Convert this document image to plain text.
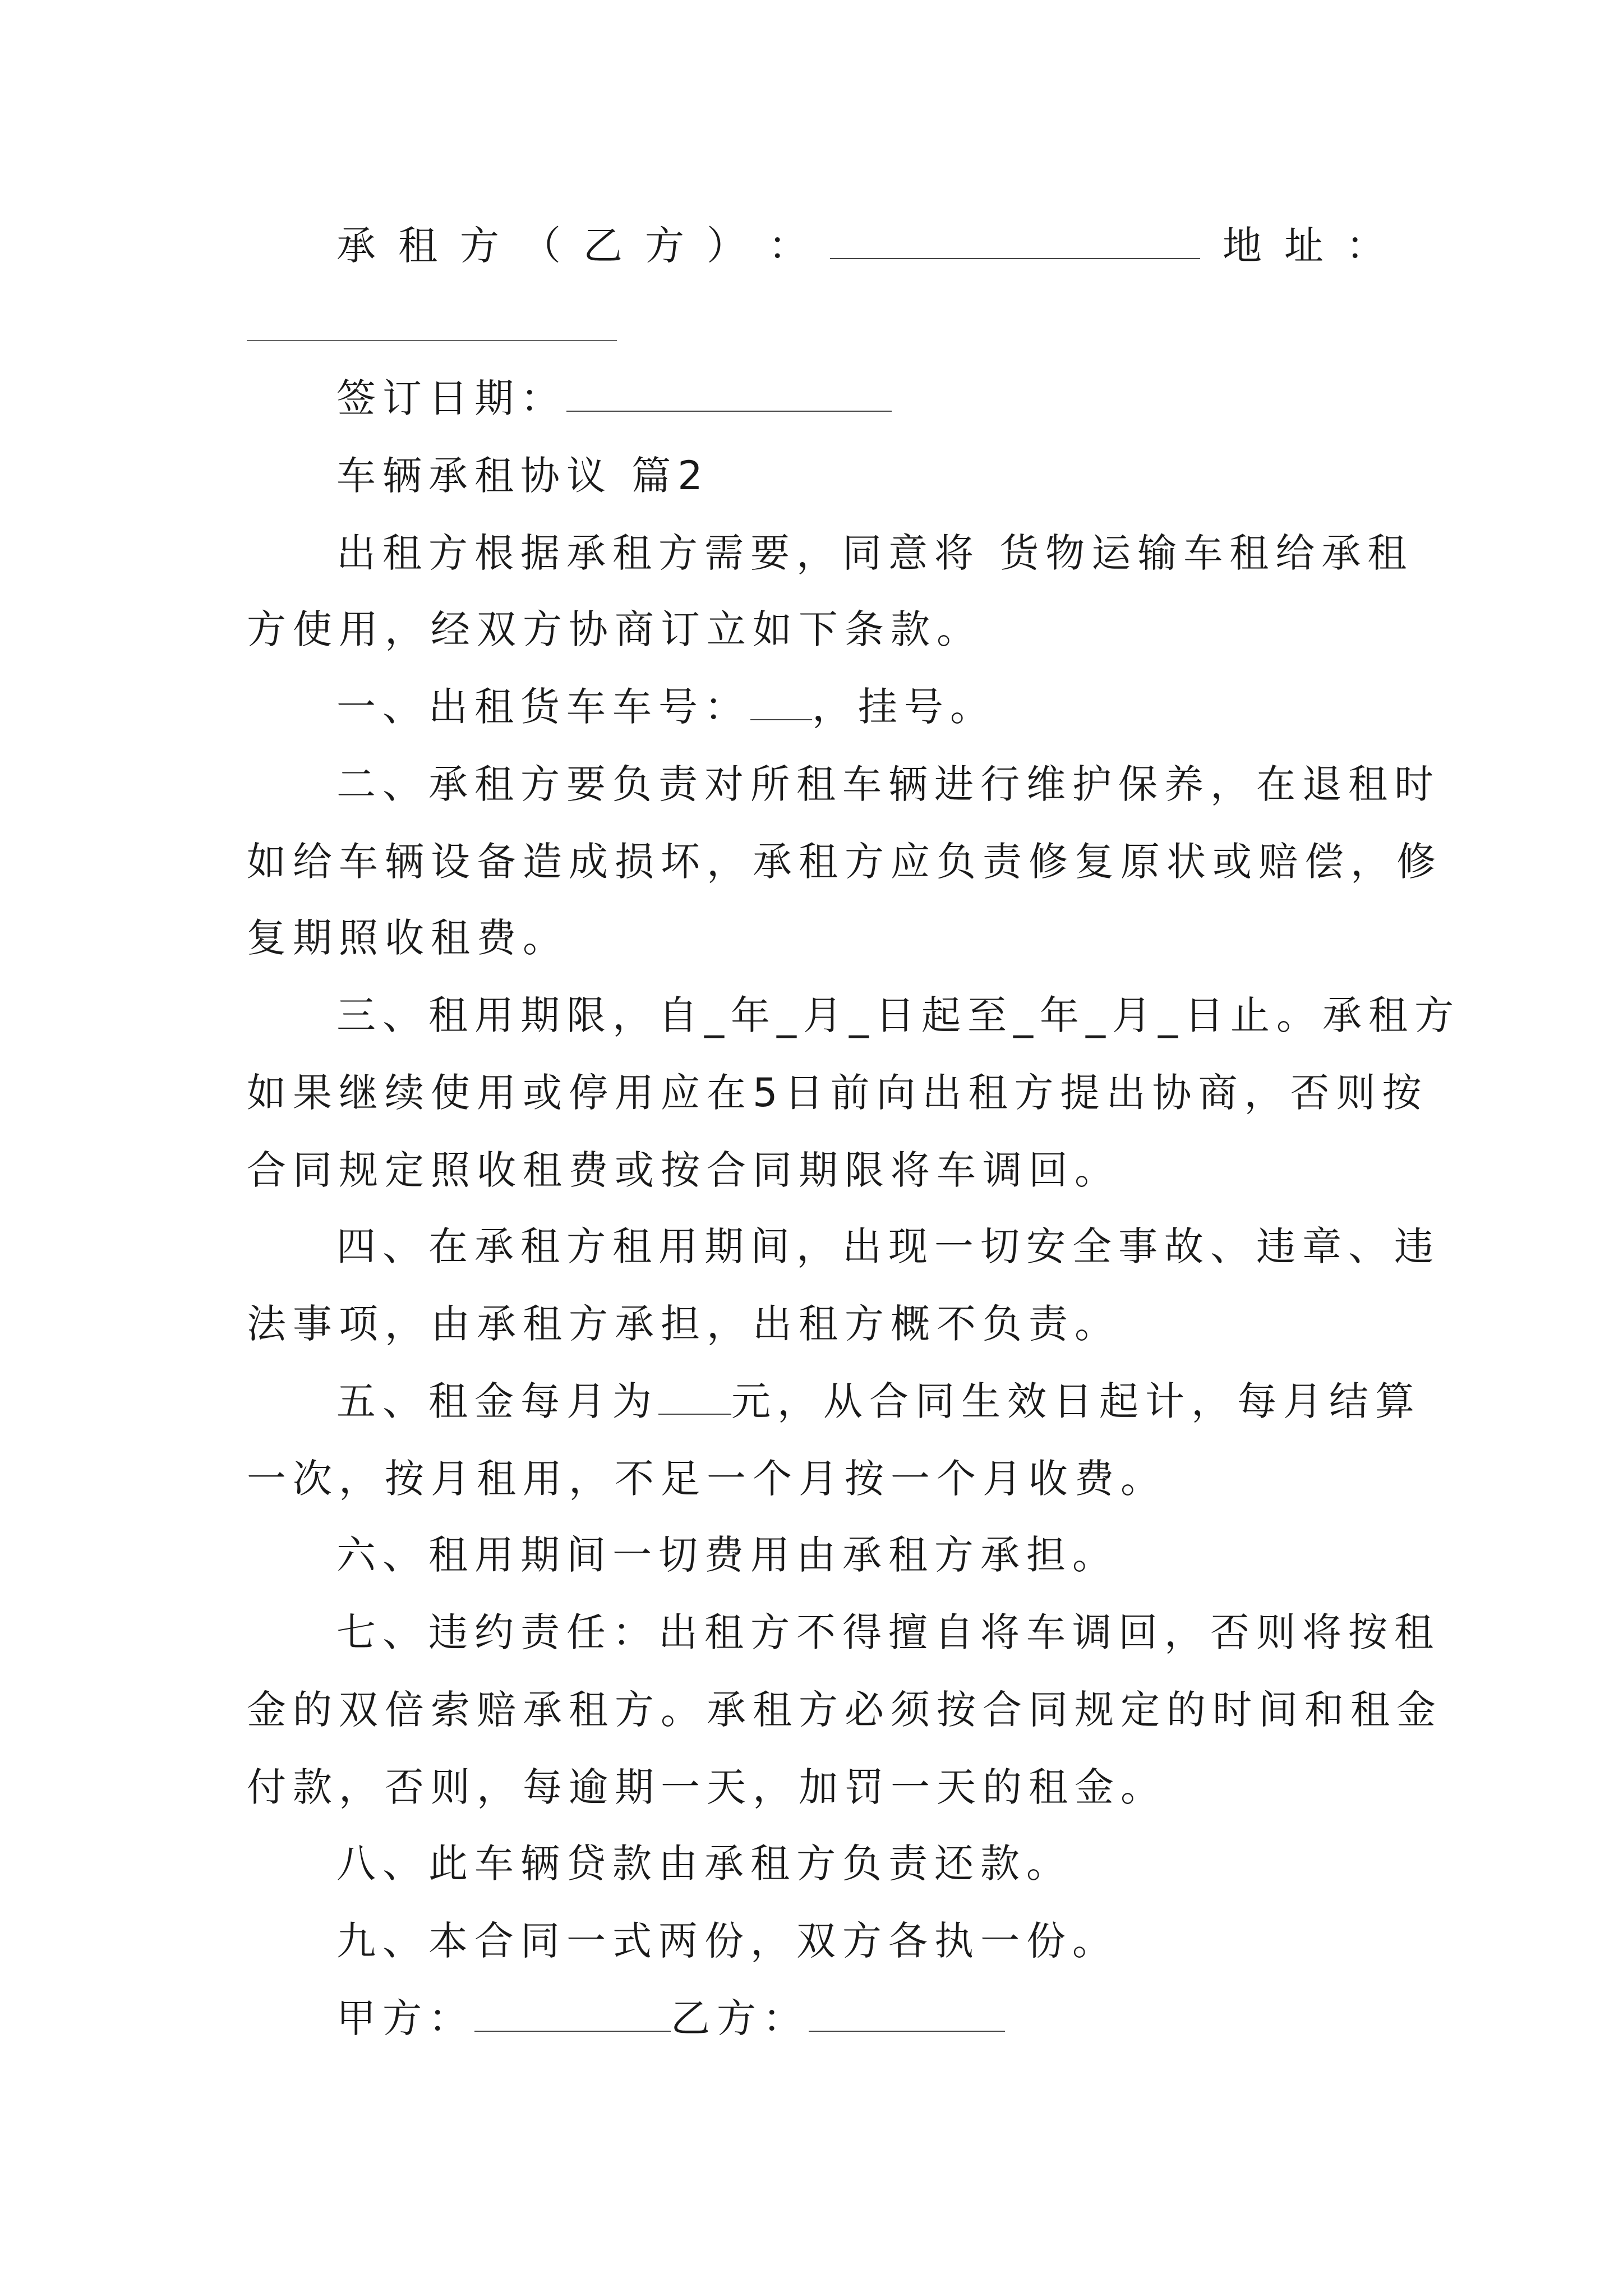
承 租 方 （ 乙 方 ） ：	地 址 ：
签订日期：
车辆承租协议 篇2
出租方根据承租方需要，同意将 货物运输车租给承租
方使用，经双方协商订立如下条款。
一、出租货车车号： ，挂号。
二、承租方要负责对所租车辆进行维护保养，在退租时
如给车辆设备造成损坏，承租方应负责修复原状或赔偿，修
复期照收租费。
三、租用期限，自_年_月_日起至_年_月_日止。承租方
如果继续使用或停用应在5日前向出租方提出协商，否则按
合同规定照收租费或按合同期限将车调回。
四、在承租方租用期间，出现一切安全事故、违章、违
法事项，由承租方承担，出租方概不负责。
五、租金每月为 元，从合同生效日起计，每月结算
一次，按月租用，不足一个月按一个月收费。
六、租用期间一切费用由承租方承担。
七、违约责任：出租方不得擅自将车调回，否则将按租
金的双倍索赔承租方。承租方必须按合同规定的时间和租金
付款，否则，每逾期一天，加罚一天的租金。
八、此车辆贷款由承租方负责还款。
九、本合同一式两份，双方各执一份。
甲方：	乙方：
